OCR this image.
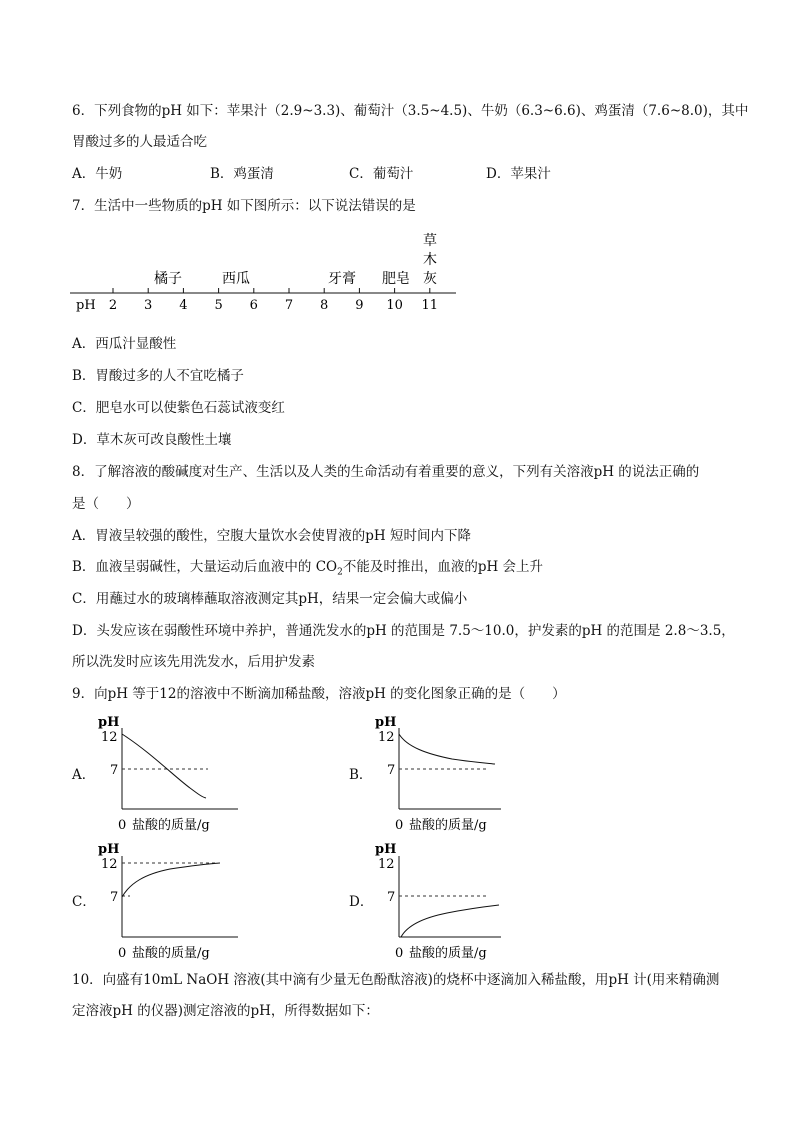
6．下列食物的pH 如下：苹果汁（2.9~3.3)、葡萄汁（3.5~4.5)、牛奶（6.3~6.6)、鸡蛋清（7.6~8.0)，其中
胃酸过多的人最适合吃
A．牛奶	B．鸡蛋清	C．葡萄汁	D．苹果汁
7．生活中一些物质的pH 如下图所示：以下说法错误的是
pH 2 3 4 5 6 7 8 9 10 11
橘子	西瓜	牙膏 肥皂
草
木
灰
A．西瓜汁显酸性
B．胃酸过多的人不宜吃橘子
C．肥皂水可以使紫色石蕊试液变红
D．草木灰可改良酸性土壤
8．了解溶液的酸碱度对生产、生活以及人类的生命活动有着重要的意义，下列有关溶液pH 的说法正确的
是（　　）
A．胃液呈较强的酸性，空腹大量饮水会使胃液的pH 短时间内下降
B．血液呈弱碱性，大量运动后血液中的 $CO_2$不能及时推出，血液的pH 会上升
C．用蘸过水的玻璃棒蘸取溶液测定其pH，结果一定会偏大或偏小
D．头发应该在弱酸性环境中养护，普通洗发水的pH 的范围是 7.5～10.0，护发素的pH 的范围是 2.8～3.5，
所以洗发时应该先用洗发水，后用护发素
9．向pH 等于12的溶液中不断滴加稀盐酸，溶液pH 的变化图象正确的是（　　）
A．
pH
12
7
0 盐酸的质量/g
B．
pH
12
7
0 盐酸的质量/g
C．
pH
12
7
0 盐酸的质量/g
D．
pH
12
7
0 盐酸的质量/g
10．向盛有10mL NaOH 溶液(其中滴有少量无色酚酞溶液)的烧杯中逐滴加入稀盐酸，用pH 计(用来精确测
定溶液pH 的仪器)测定溶液的pH，所得数据如下：
